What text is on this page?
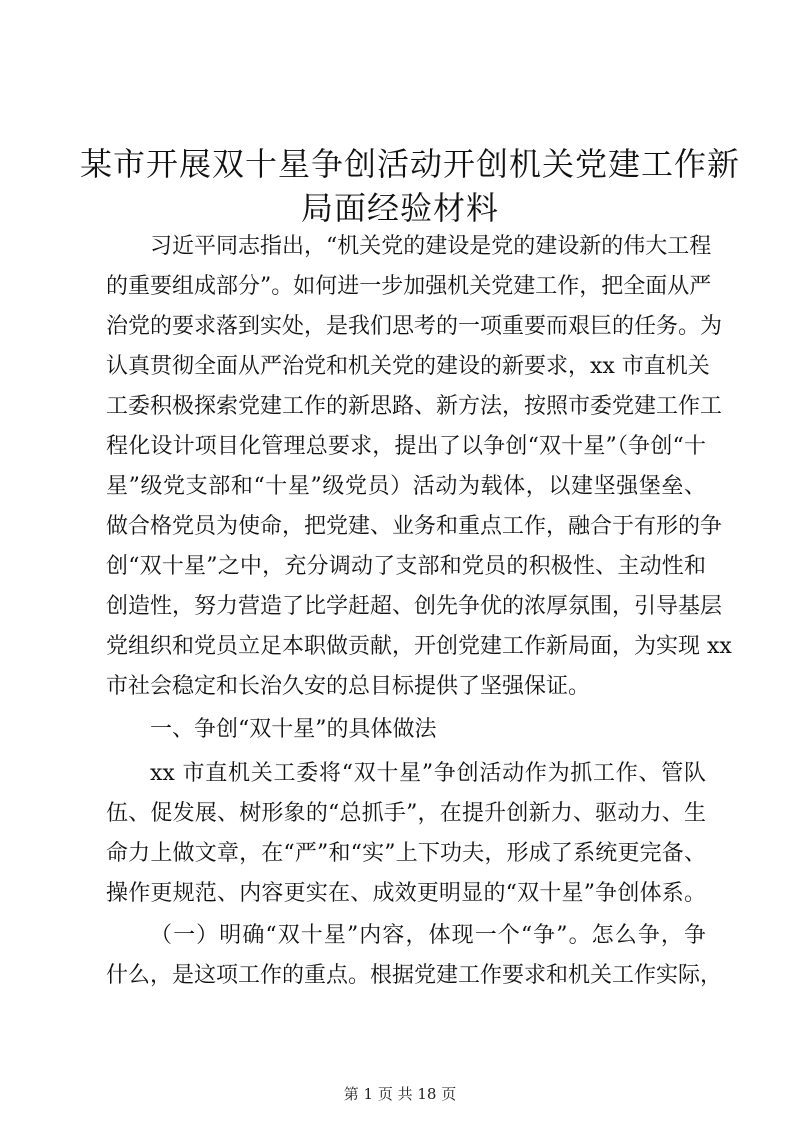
某市开展双十星争创活动开创机关党建工作新
局面经验材料
习近平同志指出，“机关党的建设是党的建设新的伟大工程
的重要组成部分”。如何进一步加强机关党建工作，把全面从严
治党的要求落到实处，是我们思考的一项重要而艰巨的任务。为
认真贯彻全面从严治党和机关党的建设的新要求，xx 市直机关
工委积极探索党建工作的新思路、新方法，按照市委党建工作工
程化设计项目化管理总要求，提出了以争创“双十星”（争创“十
星”级党支部和“十星”级党员）活动为载体，以建坚强堡垒、
做合格党员为使命，把党建、业务和重点工作，融合于有形的争
创“双十星”之中，充分调动了支部和党员的积极性、主动性和
创造性，努力营造了比学赶超、创先争优的浓厚氛围，引导基层
党组织和党员立足本职做贡献，开创党建工作新局面，为实现 xx
市社会稳定和长治久安的总目标提供了坚强保证。
一、争创“双十星”的具体做法
xx 市直机关工委将“双十星”争创活动作为抓工作、管队
伍、促发展、树形象的“总抓手”，在提升创新力、驱动力、生
命力上做文章，在“严”和“实”上下功夫，形成了系统更完备、
操作更规范、内容更实在、成效更明显的“双十星”争创体系。
（一）明确“双十星”内容，体现一个“争”。怎么争，争
什么，是这项工作的重点。根据党建工作要求和机关工作实际，
第 1 页 共 18 页
